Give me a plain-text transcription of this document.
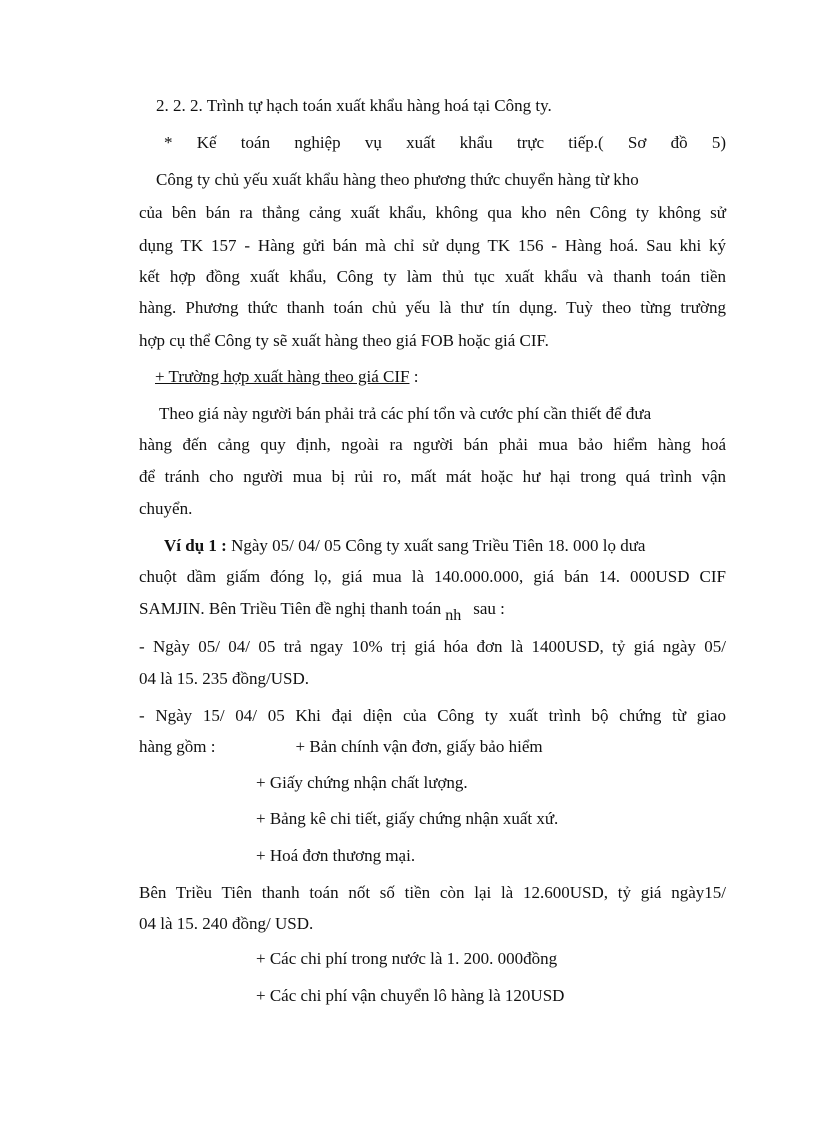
2. 2. 2. Trình tự hạch toán xuất khẩu hàng hoá tại Công ty.

* Kế toán nghiệp vụ xuất khẩu trực tiếp.( Sơ đồ 5)

Công ty chủ yếu xuất khẩu hàng theo phương thức chuyển hàng từ kho

của bên bán ra thẳng cảng xuất khẩu, không qua kho nên Công ty không sử

dụng TK 157 - Hàng gửi bán mà chỉ sử dụng TK 156 - Hàng hoá. Sau khi ký

kết hợp đồng xuất khẩu, Công ty làm thủ tục xuất khẩu và thanh toán tiền

hàng. Phương thức thanh toán chủ yếu là thư tín dụng. Tuỳ theo từng trường

hợp cụ thể Công ty sẽ xuất hàng theo giá FOB hoặc giá CIF.

+ Trường hợp xuất hàng theo giá CIF :

Theo giá này người bán phải trả các phí tổn và cước phí cần thiết để đưa

hàng đến cảng quy định, ngoài ra người bán phải mua bảo hiểm hàng hoá

để tránh cho người mua bị rủi ro, mất mát hoặc hư hại trong quá trình vận

chuyển.

Ví dụ 1 : Ngày 05/ 04/ 05 Công ty xuất sang Triều Tiên 18. 000 lọ dưa

chuột dầm giấm đóng lọ, giá mua là 140.000.000, giá bán 14. 000USD CIF

SAMJIN. Bên Triều Tiên đề nghị thanh toán nh sau :

- Ngày 05/ 04/ 05 trả ngay 10% trị giá hóa đơn là 1400USD, tỷ giá ngày 05/

04 là 15. 235 đồng/USD.

- Ngày 15/ 04/ 05 Khi đại diện của Công ty xuất trình bộ chứng từ giao

hàng gồm :	+ Bản chính vận đơn, giấy bảo hiểm

+ Giấy chứng nhận chất lượng.

+ Bảng kê chi tiết, giấy chứng nhận xuất xứ.

+ Hoá đơn thương mại.

Bên Triều Tiên thanh toán nốt số tiền còn lại là 12.600USD, tỷ giá ngày15/

04 là 15. 240 đồng/ USD.

+ Các chi phí trong nước là 1. 200. 000đồng

+ Các chi phí vận chuyển lô hàng là 120USD
